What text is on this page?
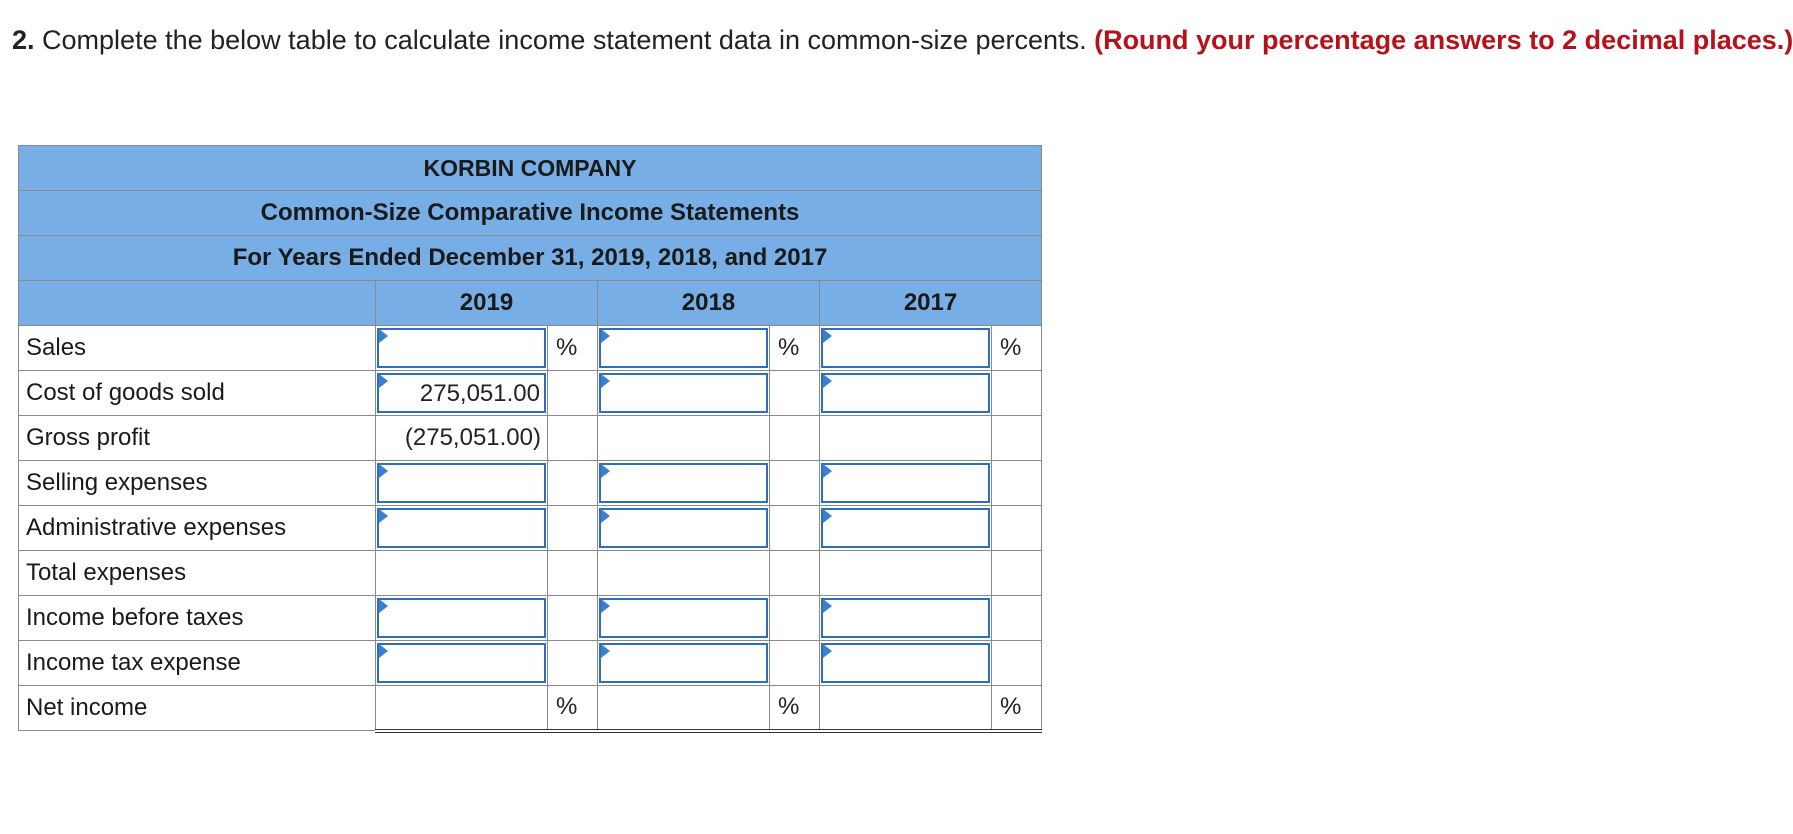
2. Complete the below table to calculate income statement data in common-size percents. (Round your percentage answers to 2 decimal places.)
KORBIN COMPANY						
Common-Size Comparative Income Statements						
For Years Ended December 31, 2019, 2018, and 2017						
	2019		2018		2017	
Sales		%		%		%
Cost of goods sold	275,051.00					

Gross profit	(275,051.00)					
Selling expenses	

Administrative expenses	

Total expenses						
Income before taxes	

Income tax expense	

Net income		%		%		%
